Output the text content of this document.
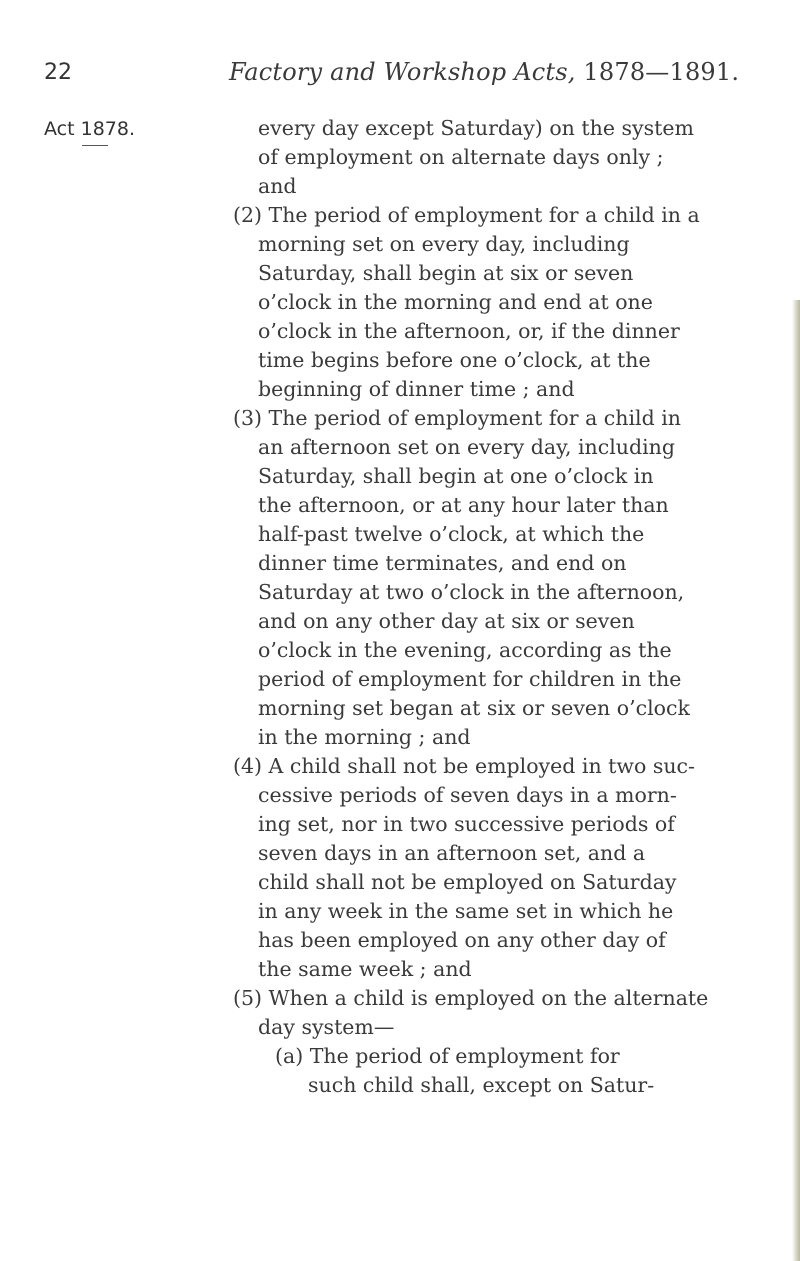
22	Factory and Workshop Acts, 1878—1891.
Act 1878.	every day except Saturday) on the system
of employment on alternate days only ;
and
(2) The period of employment for a child in a
morning set on every day, including
Saturday, shall begin at six or seven
o’clock in the morning and end at one
o’clock in the afternoon, or, if the dinner
time begins before one o’clock, at the
beginning of dinner time ; and
(3) The period of employment for a child in
an afternoon set on every day, including
Saturday, shall begin at one o’clock in
the afternoon, or at any hour later than
half-past twelve o’clock, at which the
dinner time terminates, and end on
Saturday at two o’clock in the afternoon,
and on any other day at six or seven
o’clock in the evening, according as the
period of employment for children in the
morning set began at six or seven o’clock
in the morning ; and
(4) A child shall not be employed in two suc-
cessive periods of seven days in a morn-
ing set, nor in two successive periods of
seven days in an afternoon set, and a
child shall not be employed on Saturday
in any week in the same set in which he
has been employed on any other day of
the same week ; and
(5) When a child is employed on the alternate
day system—
(a) The period of employment for
such child shall, except on Satur-
